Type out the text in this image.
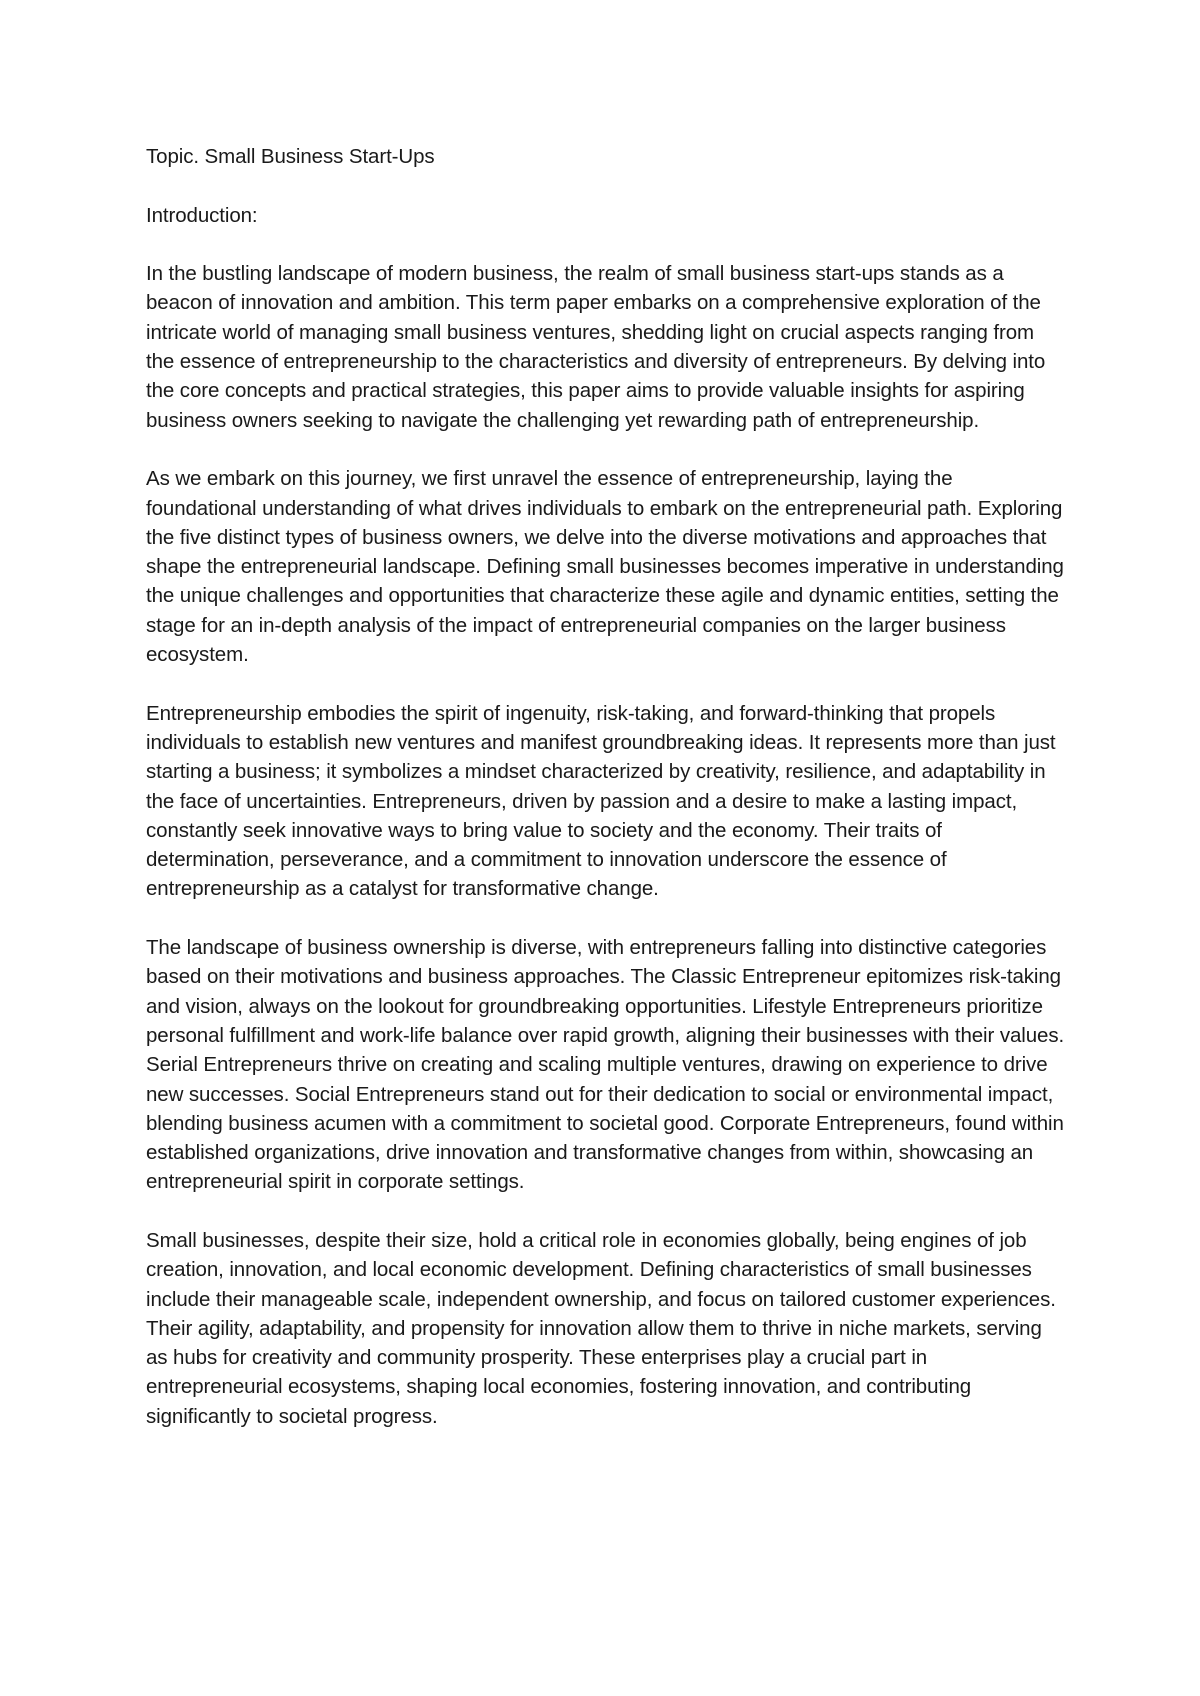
Topic. Small Business Start-Ups

Introduction:

In the bustling landscape of modern business, the realm of small business start-ups stands as a beacon of innovation and ambition. This term paper embarks on a comprehensive exploration of the intricate world of managing small business ventures, shedding light on crucial aspects ranging from the essence of entrepreneurship to the characteristics and diversity of entrepreneurs. By delving into the core concepts and practical strategies, this paper aims to provide valuable insights for aspiring business owners seeking to navigate the challenging yet rewarding path of entrepreneurship.

As we embark on this journey, we first unravel the essence of entrepreneurship, laying the foundational understanding of what drives individuals to embark on the entrepreneurial path. Exploring the five distinct types of business owners, we delve into the diverse motivations and approaches that shape the entrepreneurial landscape. Defining small businesses becomes imperative in understanding the unique challenges and opportunities that characterize these agile and dynamic entities, setting the stage for an in-depth analysis of the impact of entrepreneurial companies on the larger business ecosystem.

Entrepreneurship embodies the spirit of ingenuity, risk-taking, and forward-thinking that propels individuals to establish new ventures and manifest groundbreaking ideas. It represents more than just starting a business; it symbolizes a mindset characterized by creativity, resilience, and adaptability in the face of uncertainties. Entrepreneurs, driven by passion and a desire to make a lasting impact, constantly seek innovative ways to bring value to society and the economy. Their traits of determination, perseverance, and a commitment to innovation underscore the essence of entrepreneurship as a catalyst for transformative change.

The landscape of business ownership is diverse, with entrepreneurs falling into distinctive categories based on their motivations and business approaches. The Classic Entrepreneur epitomizes risk-taking and vision, always on the lookout for groundbreaking opportunities. Lifestyle Entrepreneurs prioritize personal fulfillment and work-life balance over rapid growth, aligning their businesses with their values. Serial Entrepreneurs thrive on creating and scaling multiple ventures, drawing on experience to drive new successes. Social Entrepreneurs stand out for their dedication to social or environmental impact, blending business acumen with a commitment to societal good. Corporate Entrepreneurs, found within established organizations, drive innovation and transformative changes from within, showcasing an entrepreneurial spirit in corporate settings.

Small businesses, despite their size, hold a critical role in economies globally, being engines of job creation, innovation, and local economic development. Defining characteristics of small businesses include their manageable scale, independent ownership, and focus on tailored customer experiences. Their agility, adaptability, and propensity for innovation allow them to thrive in niche markets, serving as hubs for creativity and community prosperity. These enterprises play a crucial part in entrepreneurial ecosystems, shaping local economies, fostering innovation, and contributing significantly to societal progress.
